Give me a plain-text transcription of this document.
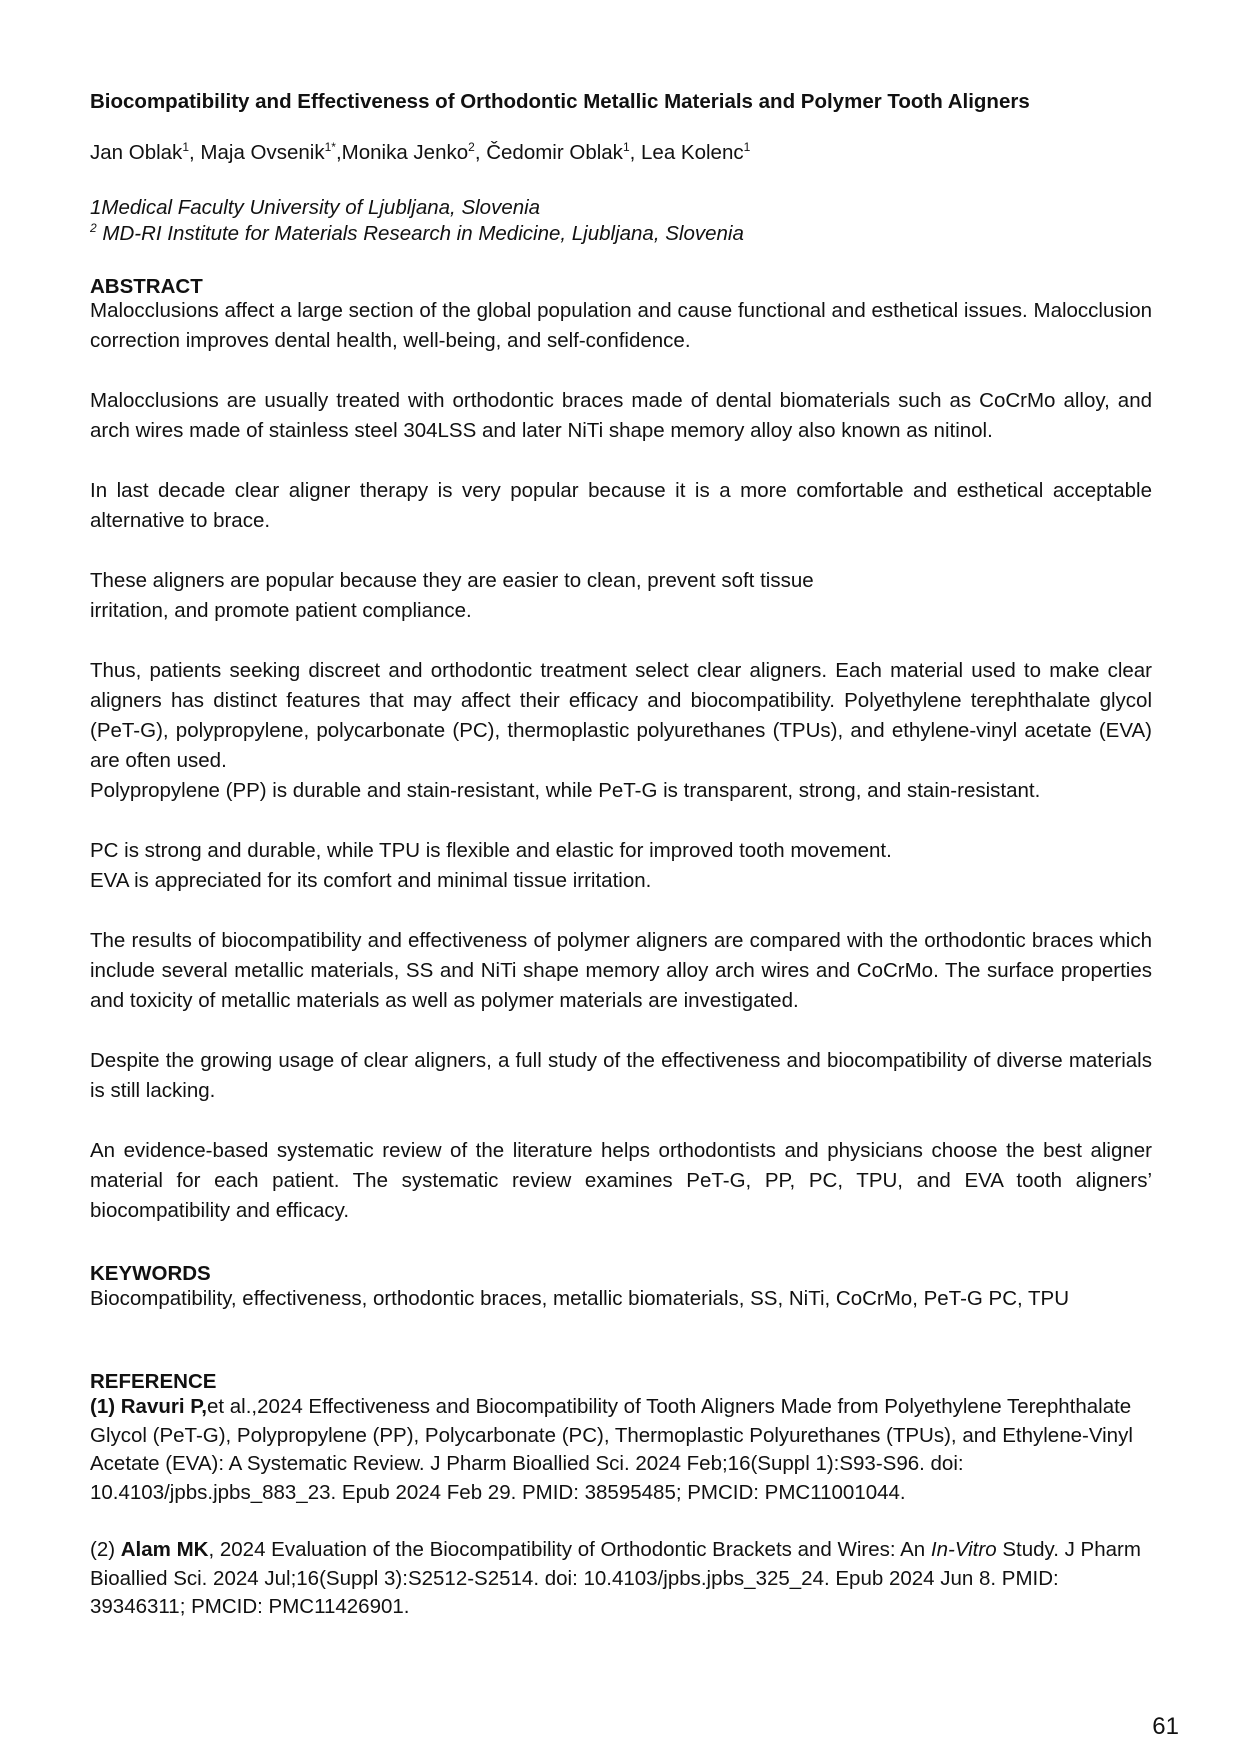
Biocompatibility and Effectiveness of Orthodontic Metallic Materials and Polymer Tooth Aligners
Jan Oblak$^1$, Maja Ovsenik$^{1*}$,Monika Jenko$^2$, Čedomir Oblak$^1$, Lea Kolenc$^1$
1Medical Faculty University of Ljubljana, Slovenia
$^2$ MD-RI Institute for Materials Research in Medicine, Ljubljana, Slovenia
ABSTRACT
Malocclusions affect a large section of the global population and cause functional and esthetical issues. Malocclusion correction improves dental health, well-being, and self-confidence.
Malocclusions are usually treated with orthodontic braces made of dental biomaterials such as CoCrMo alloy, and arch wires made of stainless steel 304LSS and later NiTi shape memory alloy also known as nitinol.
In last decade clear aligner therapy is very popular because it is a more comfortable and esthetical acceptable alternative to brace.
These aligners are popular because they are easier to clean, prevent soft tissue
irritation, and promote patient compliance.
Thus, patients seeking discreet and orthodontic treatment select clear aligners. Each material used to make clear aligners has distinct features that may affect their efficacy and biocompatibility. Polyethylene terephthalate glycol (PeT-G), polypropylene, polycarbonate (PC), thermoplastic polyurethanes (TPUs), and ethylene-vinyl acetate (EVA) are often used.
Polypropylene (PP) is durable and stain-resistant, while PeT-G is transparent, strong, and stain-resistant.
PC is strong and durable, while TPU is flexible and elastic for improved tooth movement.
EVA is appreciated for its comfort and minimal tissue irritation.
The results of biocompatibility and effectiveness of polymer aligners are compared with the orthodontic braces which include several metallic materials, SS and NiTi shape memory alloy arch wires and CoCrMo. The surface properties and toxicity of metallic materials as well as polymer materials are investigated.
Despite the growing usage of clear aligners, a full study of the effectiveness and biocompatibility of diverse materials is still lacking.
An evidence-based systematic review of the literature helps orthodontists and physicians choose the best aligner material for each patient. The systematic review examines PeT-G, PP, PC, TPU, and EVA tooth aligners’ biocompatibility and efficacy.
KEYWORDS
Biocompatibility, effectiveness, orthodontic braces, metallic biomaterials, SS, NiTi, CoCrMo, PeT-G PC, TPU
REFERENCE
(1) Ravuri P,et al.,2024 Effectiveness and Biocompatibility of Tooth Aligners Made from Polyethylene Terephthalate Glycol (PeT-G), Polypropylene (PP), Polycarbonate (PC), Thermoplastic Polyurethanes (TPUs), and Ethylene-Vinyl Acetate (EVA): A Systematic Review. J Pharm Bioallied Sci. 2024 Feb;16(Suppl 1):S93-S96. doi: 10.4103/jpbs.jpbs_883_23. Epub 2024 Feb 29. PMID: 38595485; PMCID: PMC11001044.
(2) Alam MK, 2024 Evaluation of the Biocompatibility of Orthodontic Brackets and Wires: An In-Vitro Study. J Pharm Bioallied Sci. 2024 Jul;16(Suppl 3):S2512-S2514. doi: 10.4103/jpbs.jpbs_325_24. Epub 2024 Jun 8. PMID: 39346311; PMCID: PMC11426901.
61
